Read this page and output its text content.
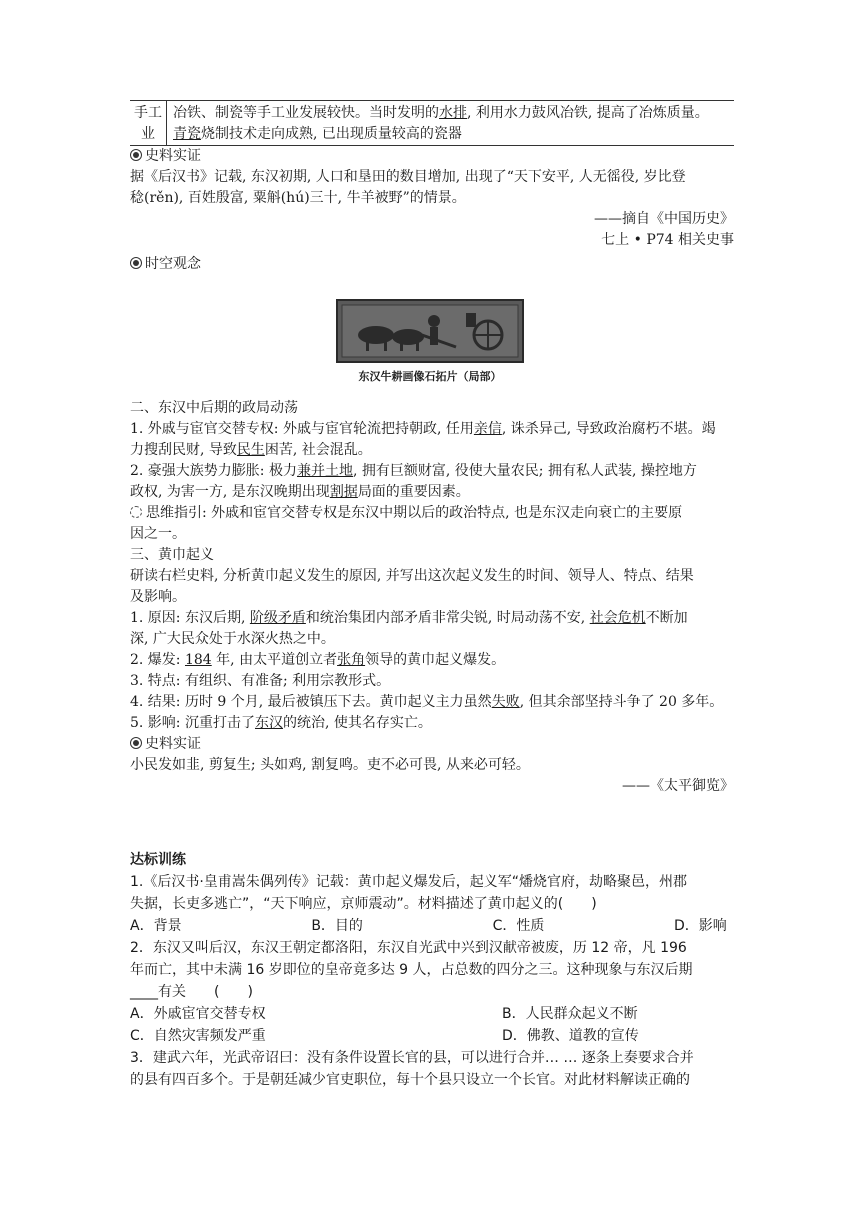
手工业	
冶铁、制瓷等手工业发展较快。当时发明的水排, 利用水力鼓风冶铁, 提高了冶炼质量。
青瓷烧制技术走向成熟, 已出现质量较高的瓷器
史料实证
据《后汉书》记载, 东汉初期, 人口和垦田的数目增加, 出现了“天下安平, 人无徭役, 岁比登
稔(rěn), 百姓殷富, 粟斛(hú)三十, 牛羊被野”的情景。
——摘自《中国历史》
七上 • P74 相关史事
时空观念
东汉牛耕画像石拓片（局部）
二、东汉中后期的政局动荡
1. 外戚与宦官交替专权: 外戚与宦官轮流把持朝政, 任用亲信, 诛杀异己, 导致政治腐朽不堪。竭
力搜刮民财, 导致民生困苦, 社会混乱。
2. 豪强大族势力膨胀: 极力兼并土地, 拥有巨额财富, 役使大量农民; 拥有私人武装, 操控地方
政权, 为害一方, 是东汉晚期出现割据局面的重要因素。
思维指引: 外戚和宦官交替专权是东汉中期以后的政治特点, 也是东汉走向衰亡的主要原
因之一。
三、黄巾起义
研读右栏史料, 分析黄巾起义发生的原因, 并写出这次起义发生的时间、领导人、特点、结果
及影响。
1. 原因: 东汉后期, 阶级矛盾和统治集团内部矛盾非常尖锐, 时局动荡不安, 社会危机不断加
深, 广大民众处于水深火热之中。
2. 爆发: 184 年, 由太平道创立者张角领导的黄巾起义爆发。
3. 特点: 有组织、有准备; 利用宗教形式。
4. 结果: 历时 9 个月, 最后被镇压下去。黄巾起义主力虽然失败, 但其余部坚持斗争了 20 多年。
5. 影响: 沉重打击了东汉的统治, 使其名存实亡。
史料实证
小民发如韭, 剪复生; 头如鸡, 割复鸣。吏不必可畏, 从来必可轻。
——《太平御览》
达标训练
1.《后汉书·皇甫嵩朱偶列传》记载：黄巾起义爆发后，起义军“燔烧官府，劫略聚邑，州郡
失据，长吏多逃亡”，“天下响应，京师震动”。材料描述了黄巾起义的(　　)
A．背景	B．目的	C．性质	D．影响
2．东汉又叫后汉，东汉王朝定都洛阳，东汉自光武中兴到汉献帝被废，历 12 帝，凡 196
年而亡，其中未满 16 岁即位的皇帝竟多达 9 人，占总数的四分之三。这种现象与东汉后期
____有关　　(　　)
A．外戚宦官交替专权	B．人民群众起义不断
C．自然灾害频发严重	D．佛教、道教的宣传
3．建武六年，光武帝诏曰：没有条件设置长官的县，可以进行合并… … 逐条上奏要求合并
的县有四百多个。于是朝廷减少官吏职位，每十个县只设立一个长官。对此材料解读正确的
